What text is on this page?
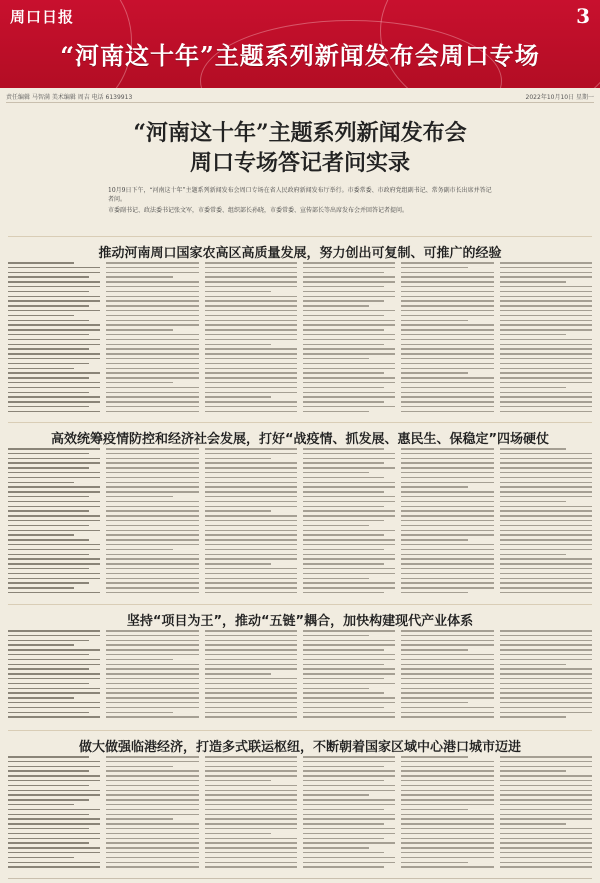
周口日报	3
“河南这十年”主题系列新闻发布会周口专场
责任编辑 马智满 美术编辑 周吉 电话 6139913	2022年10月10日 星期一
“河南这十年”主题系列新闻发布会
周口专场答记者问实录

10月9日下午，“河南这十年”主题系列新闻发布会周口专场在省人民政府新闻发布厅举行。市委常委、市政府党组副书记、常务副市长出席并答记者问。

市委副书记、政法委书记张文军，市委常委、组织部长孙晓，市委常委、宣传部长等出席发布会并回答记者提问。

推动河南周口国家农高区高质量发展，努力创出可复制、可推广的经验
高效统筹疫情防控和经济社会发展，打好“战疫情、抓发展、惠民生、保稳定”四场硬仗
坚持“项目为王”，推动“五链”耦合，加快构建现代产业体系
做大做强临港经济，打造多式联运枢纽，不断朝着国家区域中心港口城市迈进
